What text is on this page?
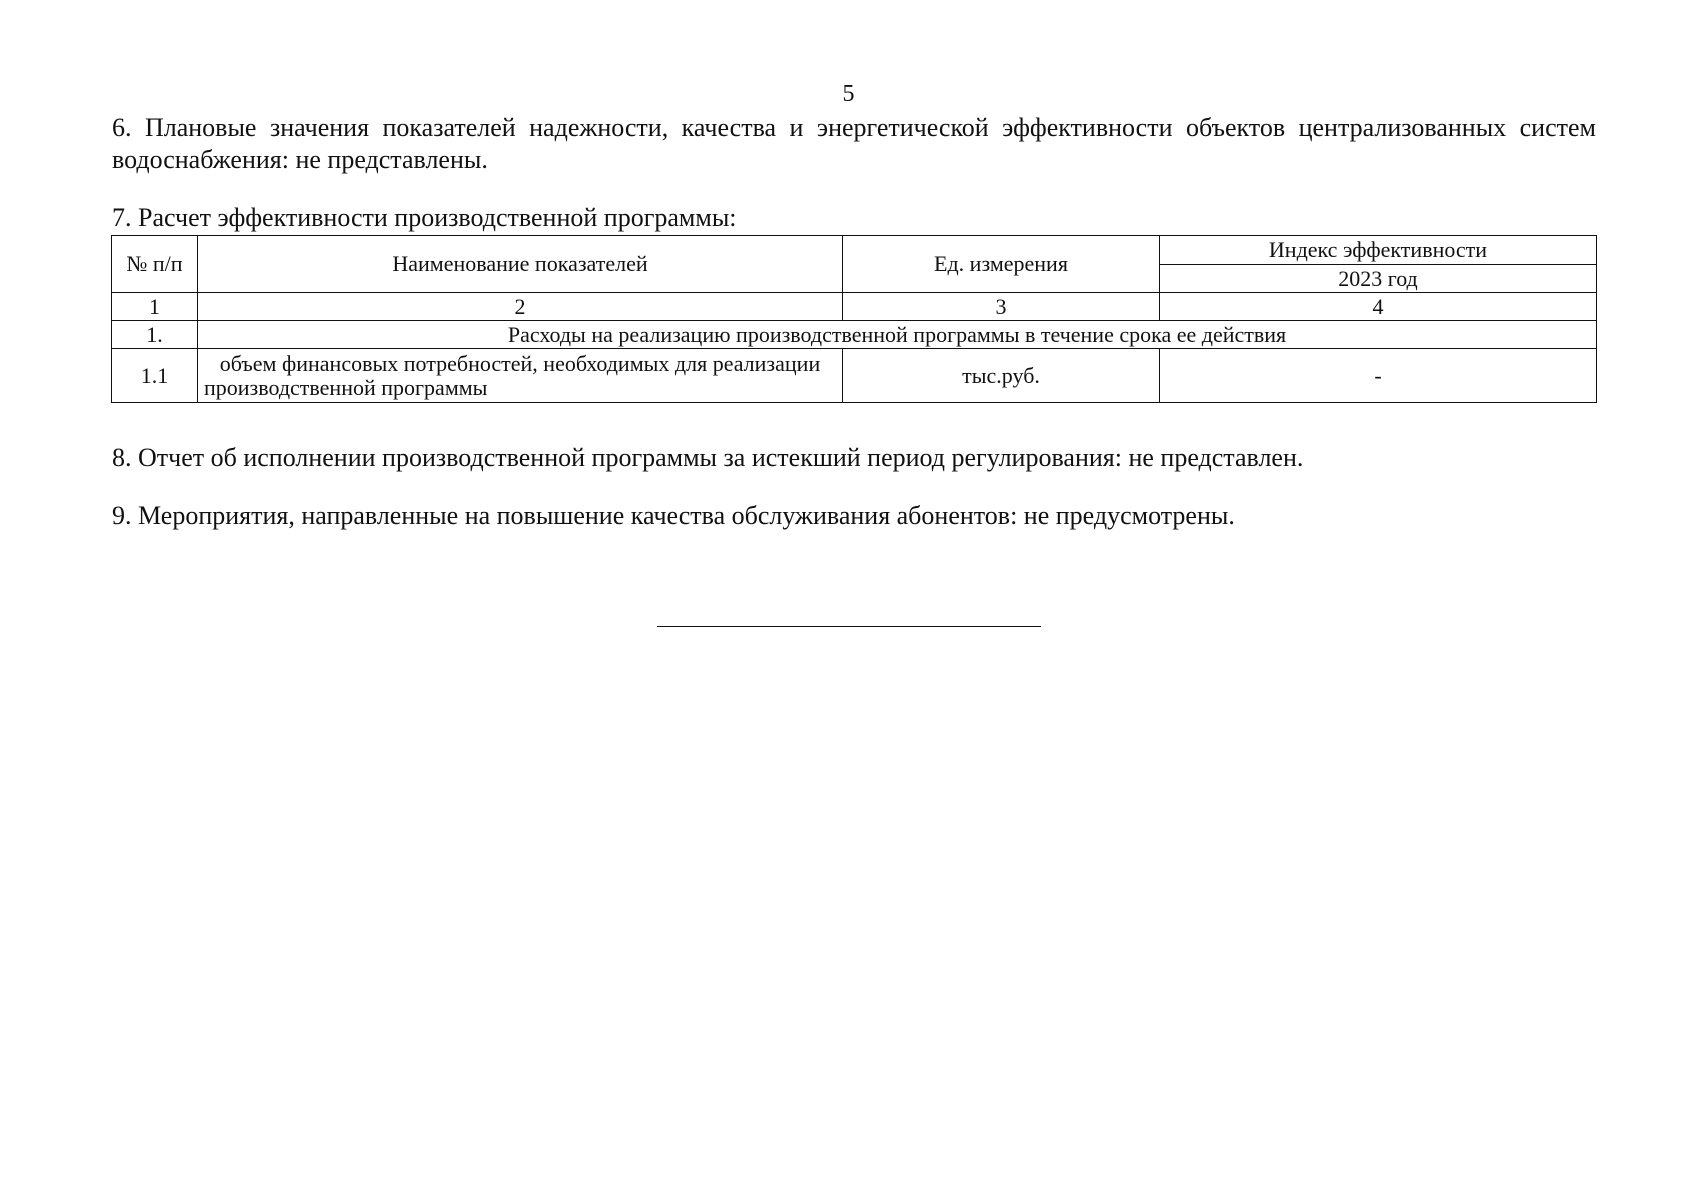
5
6. Плановые значения показателей надежности, качества и энергетической эффективности объектов централизованных систем водоснабжения: не представлены.
7. Расчет эффективности производственной программы:
№ п/п	Наименование показателей	Ед. измерения	Индекс эффективности
			2023 год
1	2	3	4
1.	Расходы на реализацию производственной программы в течение срока ее действия		
1.1	объем финансовых потребностей, необходимых для реализации производственной программы	тыс.руб.	-
8. Отчет об исполнении производственной программы за истекший период регулирования: не представлен.
9. Мероприятия, направленные на повышение качества обслуживания абонентов: не предусмотрены.
